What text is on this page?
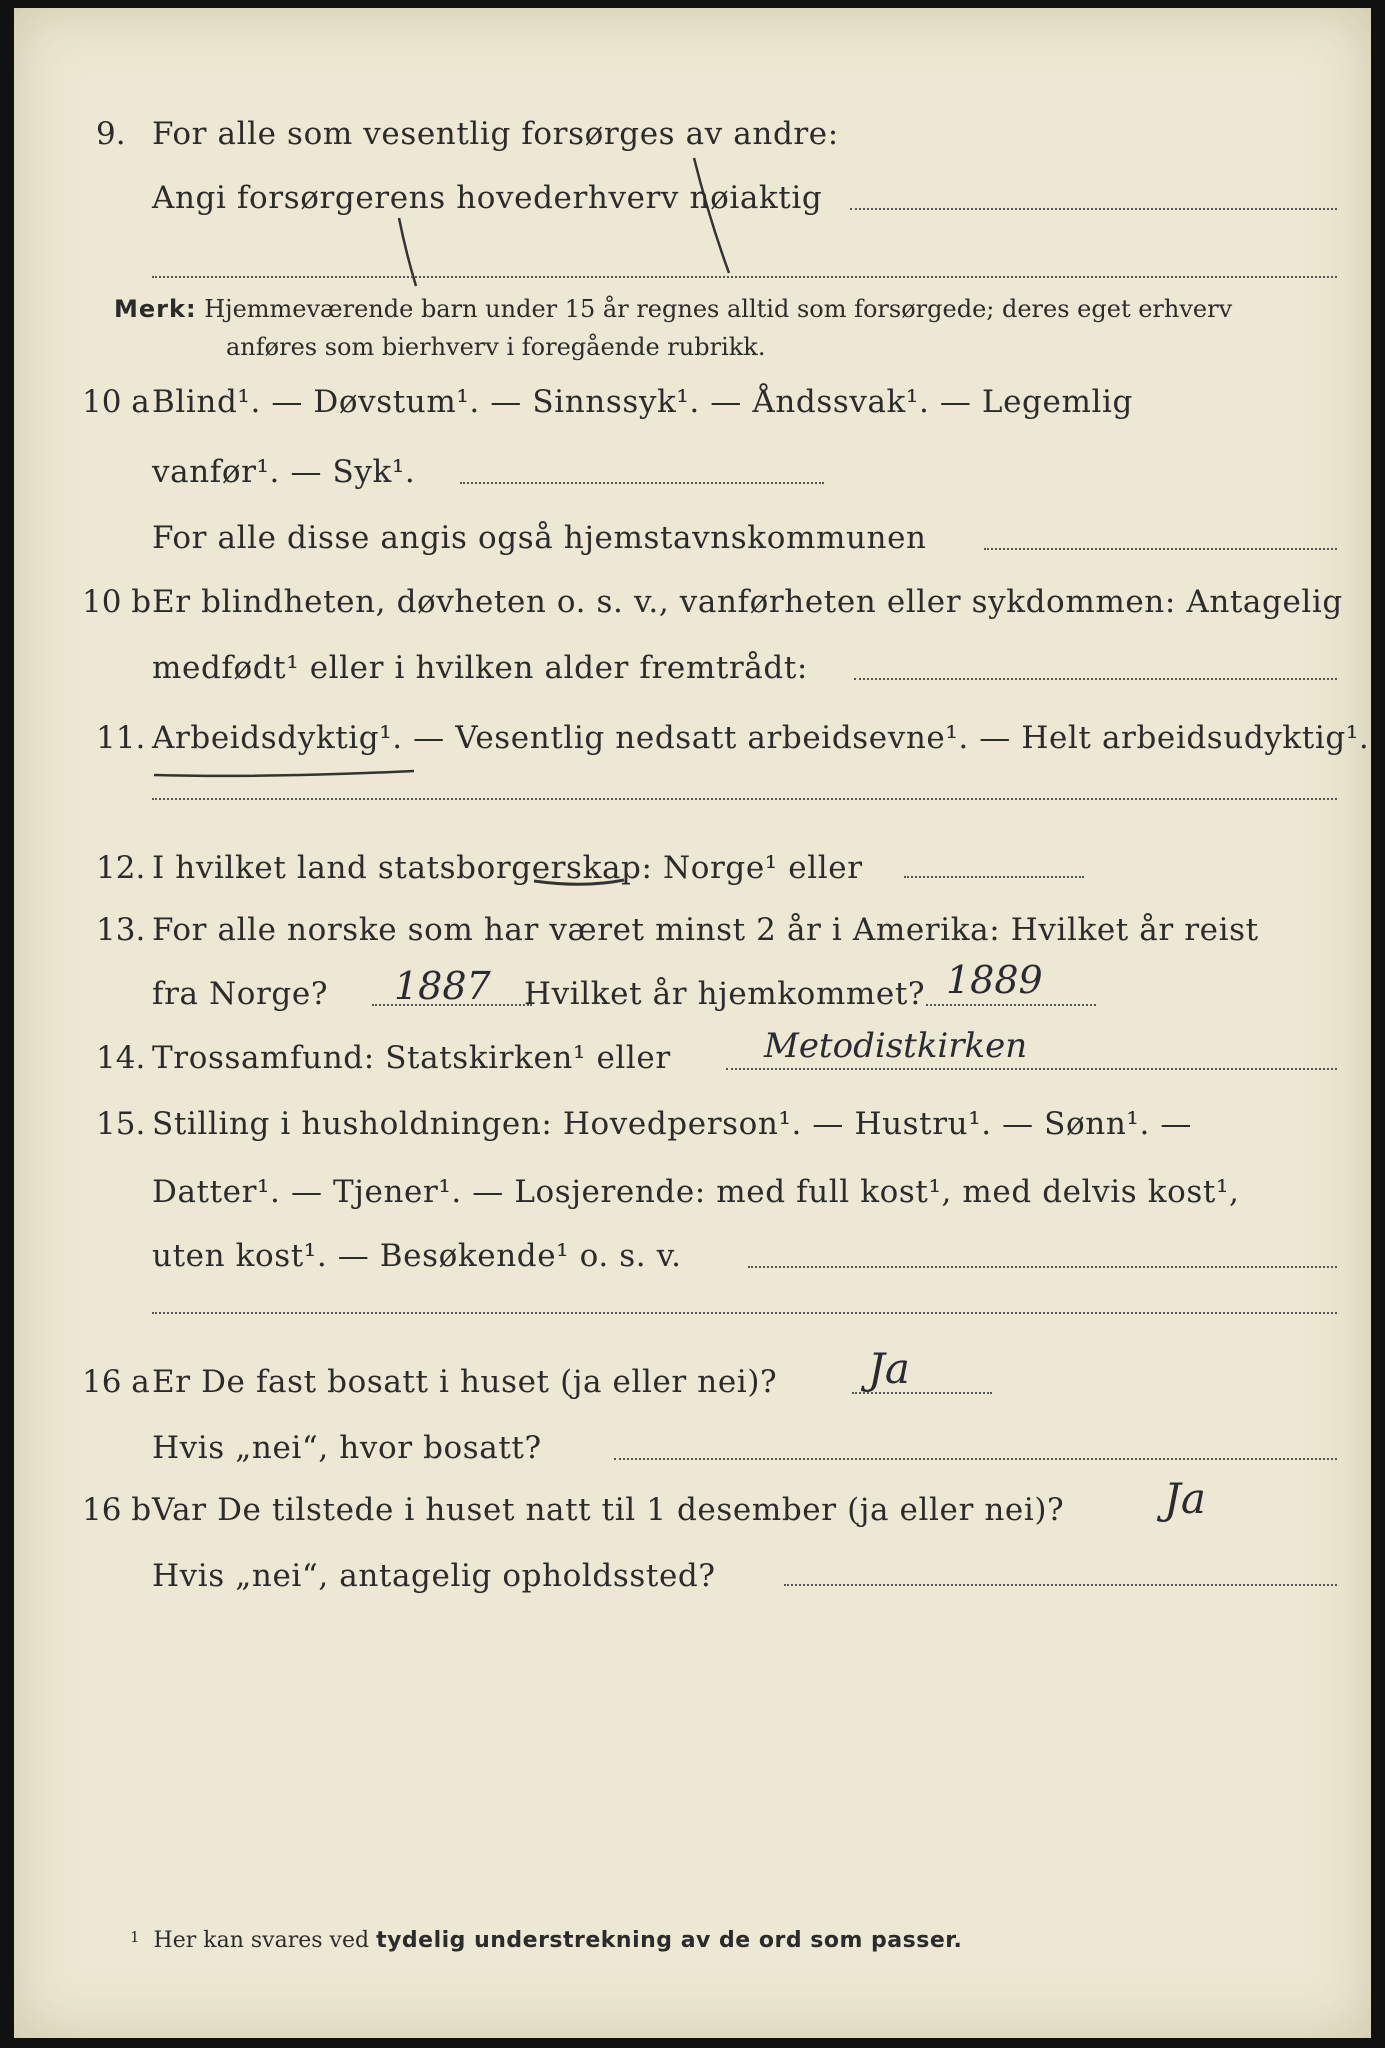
9. For alle som vesentlig forsørges av andre:
Angi forsørgerens hovederhverv nøiaktig
Merk: Hjemmeværende barn under 15 år regnes alltid som forsørgede; deres eget erhverv
anføres som bierhverv i foregående rubrikk.
10 a Blind¹. — Døvstum¹. — Sinnssyk¹. — Åndssvak¹. — Legemlig
vanfør¹. — Syk¹.
For alle disse angis også hjemstavnskommunen
10 b Er blindheten, døvheten o. s. v., vanførheten eller sykdommen: Antagelig
medfødt¹ eller i hvilken alder fremtrådt:
11. Arbeidsdyktig¹. — Vesentlig nedsatt arbeidsevne¹. — Helt arbeidsudyktig¹.
12. I hvilket land statsborgerskap: Norge¹ eller
13. For alle norske som har været minst 2 år i Amerika: Hvilket år reist
fra Norge? 1887 Hvilket år hjemkommet? 1889
14. Trossamfund: Statskirken¹ eller	Metodistkirken
15. Stilling i husholdningen: Hovedperson¹. — Hustru¹. — Sønn¹. —
Datter¹. — Tjener¹. — Losjerende: med full kost¹, med delvis kost¹,
uten kost¹. — Besøkende¹ o. s. v.
16 a Er De fast bosatt i huset (ja eller nei)? Ja
Hvis „nei“, hvor bosatt?
16 b Var De tilstede i huset natt til 1 desember (ja eller nei)? Ja
Hvis „nei“, antagelig opholdssted?
$^1$ Her kan svares ved tydelig understrekning av de ord som passer.
